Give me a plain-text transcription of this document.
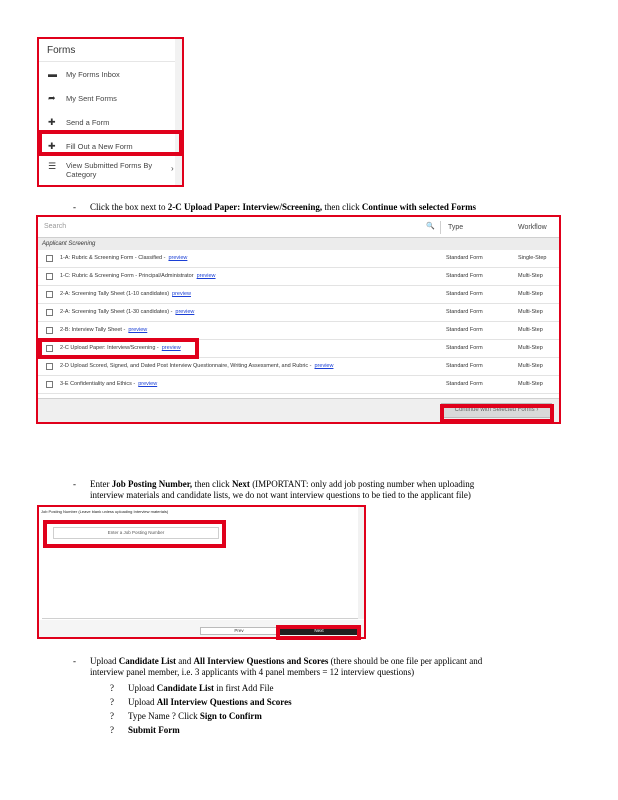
Forms
▬ My Forms Inbox
➦ My Sent Forms
✚ Send a Form
✚ Fill Out a New Form
☰ View Submitted Forms By
Category
›
- Click the box next to 2-C Upload Paper: Interview/Screening, then click Continue with selected Forms
Search	🔍 Type	Workflow
Applicant Screening
1-A: Rubric & Screening Form - Classified - preview	Standard Form	Single-Step
1-C: Rubric & Screening Form - Principal/Administrator preview	Standard Form	Multi-Step
2-A: Screening Tally Sheet (1-10 candidates) preview	Standard Form	Multi-Step
2-A: Screening Tally Sheet (1-30 candidates) - preview	Standard Form	Multi-Step
2-B: Interview Tally Sheet - preview	Standard Form	Multi-Step
2-C Upload Paper: Interview/Screening - preview	Standard Form	Multi-Step
2-D Upload Scored, Signed, and Dated Post Interview Questionnaire, Writing Assessment, and Rubric - preview	Standard Form	Multi-Step
3-E Confidentiality and Ethics - preview	Standard Form	Multi-Step
Continue with Selected Forms ›
- Enter Job Posting Number, then click Next (IMPORTANT: only add job posting number when uploading
interview materials and candidate lists, we do not want interview questions to be tied to the applicant file)
Job Posting Number (Leave blank unless uploading Interview materials)
•
Enter a Job Posting Number
Prev	Next
- Upload Candidate List and All Interview Questions and Scores (there should be one file per applicant and
interview panel member, i.e. 3 applicants with 4 panel members = 12 interview questions)
? Upload Candidate List in first Add File
? Upload All Interview Questions and Scores
? Type Name ? Click Sign to Confirm
? Submit Form
